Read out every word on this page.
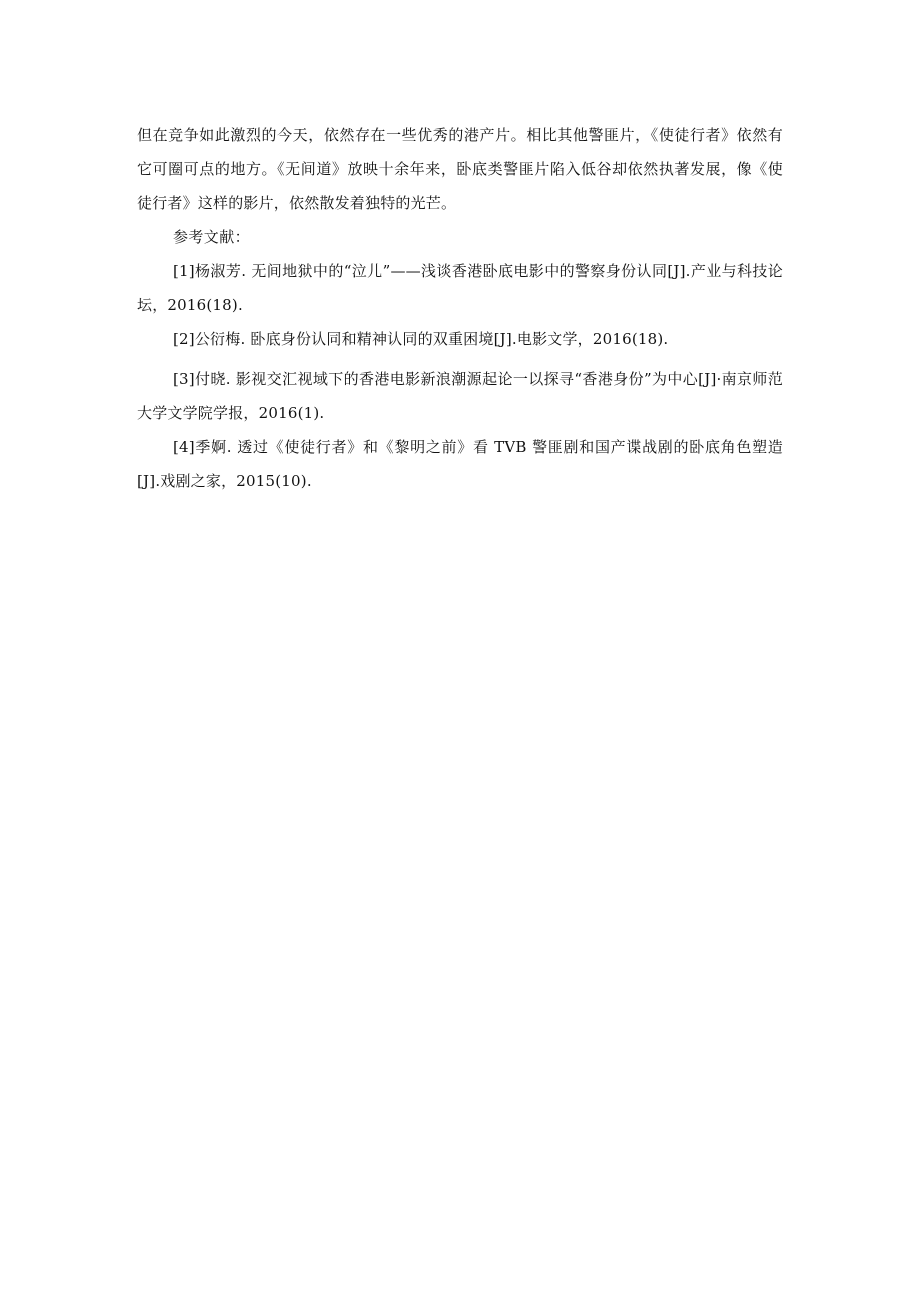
但在竞争如此激烈的今天，依然存在一些优秀的港产片。相比其他警匪片，《使徒行者》依然有它可圈可点的地方。《无间道》放映十余年来，卧底类警匪片陷入低谷却依然执著发展，像《使徒行者》这样的影片，依然散发着独特的光芒。

参考文献：

[1]杨淑芳. 无间地狱中的“泣儿”——浅谈香港卧底电影中的警察身份认同[J].产业与科技论坛，2016(18).

[2]公衍梅. 卧底身份认同和精神认同的双重困境[J].电影文学，2016(18).

[3]付晓. 影视交汇视域下的香港电影新浪潮源起论一以探寻“香港身份”为中心[J]·南京师范大学文学院学报，2016(1).

[4]季婀. 透过《使徒行者》和《黎明之前》看 TVB 警匪剧和国产谍战剧的卧底角色塑造[J].戏剧之家，2015(10).
